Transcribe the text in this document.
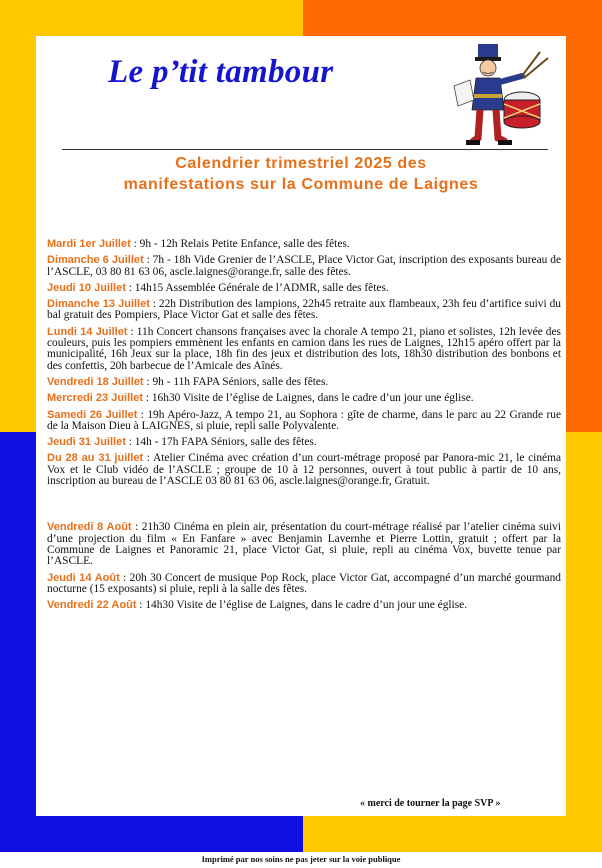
Le p’tit tambour
Calendrier trimestriel 2025 des
manifestations sur la Commune de Laignes
Mardi 1er Juillet : 9h - 12h Relais Petite Enfance, salle des fêtes.
Dimanche 6 Juillet : 7h - 18h Vide Grenier de l’ASCLE, Place Victor Gat, inscription des exposants bureau de l’ASCLE, 03 80 81 63 06, ascle.laignes@orange.fr, salle des fêtes.
Jeudi 10 Juillet : 14h15 Assemblée Générale de l’ADMR, salle des fêtes.
Dimanche 13 Juillet : 22h Distribution des lampions, 22h45 retraite aux flambeaux, 23h feu d’artifice suivi du bal gratuit des Pompiers, Place Victor Gat et salle des fêtes.
Lundi 14 Juillet : 11h Concert chansons françaises avec la chorale A tempo 21, piano et solistes, 12h levée des couleurs, puis les pompiers emmènent les enfants en camion dans les rues de Laignes, 12h15 apéro offert par la municipalité, 16h Jeux sur la place, 18h fin des jeux et distribution des lots, 18h30 distribution des bonbons et des confettis, 20h barbecue de l’Amicale des Aînés.
Vendredi 18 Juillet : 9h - 11h FAPA Séniors, salle des fêtes.
Mercredi 23 Juillet : 16h30 Visite de l’église de Laignes, dans le cadre d’un jour une église.
Samedi 26 Juillet : 19h Apéro-Jazz, A tempo 21, au Sophora : gîte de charme, dans le parc au 22 Grande rue de la Maison Dieu à LAIGNES, si pluie, repli salle Polyvalente.
Jeudi 31 Juillet : 14h - 17h FAPA Séniors, salle des fêtes.
Du 28 au 31 juillet : Atelier Cinéma avec création d’un court-métrage proposé par Panora-mic 21, le cinéma Vox et le Club vidéo de l’ASCLE ; groupe de 10 à 12 personnes, ouvert à tout public à partir de 10 ans, inscription au bureau de l’ASCLE 03 80 81 63 06, ascle.laignes@orange.fr, Gratuit.
Vendredi 8 Août : 21h30 Cinéma en plein air, présentation du court-métrage réalisé par l’atelier cinéma suivi d’une projection du film « En Fanfare » avec Benjamin Lavernhe et Pierre Lottin, gratuit ; offert par la Commune de Laignes et Panoramic 21, place Victor Gat, si pluie, repli au cinéma Vox, buvette tenue par l’ASCLE.
Jeudi 14 Août : 20h 30 Concert de musique Pop Rock, place Victor Gat, accompagné d’un marché gourmand nocturne (15 exposants) si pluie, repli à la salle des fêtes.
Vendredi 22 Août : 14h30 Visite de l’église de Laignes, dans le cadre d’un jour une église.
« merci de tourner la page SVP »
Imprimé par nos soins ne pas jeter sur la voie publique
